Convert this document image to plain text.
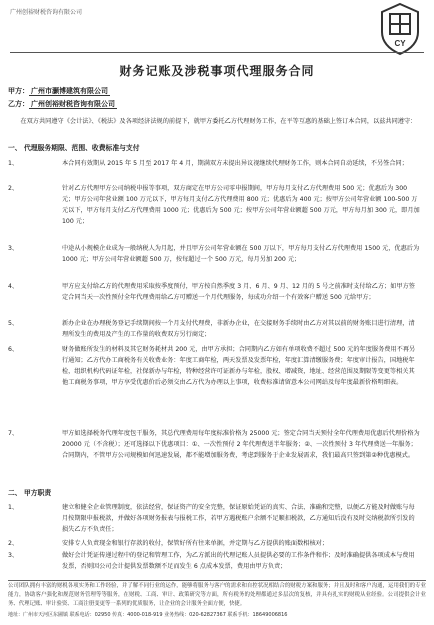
广州创裕财税咨询有限公司
CY
财务记账及涉税事项代理服务合同
甲方： 广州市灏博建筑有限公司
乙方： 广州创裕财税咨询有限公司
在双方共同遵守《会计法》、《税法》及各项经济法规的前提下，就甲方委托乙方代理财务工作，在平等互惠的基础上签订本合同，以兹共同遵守：
一、 代理服务期限、范围、收费标准与支付
1、	本合同有效期从 2015 年 5 月至 2017 年 4 月，期满双方未提出异议视继续代理财务工作，则本合同自动延续，不另签合同；
2、	针对乙方代理甲方公司纳税申报等事项，双方商定在甲方公司零申报期间，甲方每月支付乙方代理费用 500 元；优惠后为 300 元；甲方公司年营业额 100 万元以下，甲方每月支付乙方代理费用 800 元；优惠后为 400 元；按甲方公司年营业额 100-500 万元以下，甲方每月支付乙方代理费用 1000 元；优惠后为 500 元；按甲方公司年营业额超 500 万元，甲方每月加 300 元，即月加 100 元；
3、	中途从小规模企业成为一般纳税人为月起，并且甲方公司年营业额在 500 万以下，甲方每月支付乙方代理费用 1500 元，优惠后为 1000 元；甲方公司年营业额超 500 万，按每超过一个 500 万元，每月另加 200 元；
4、	甲方应支付给乙方的代理费用采取按季度预付，甲方按自然季度 3 月、6 月、9 月、12 月的 5 号之前准时支付给乙方；如甲方签定合同当天一次性预付全年代理费用给乙方可赠送一个月代理服务，每成功介绍一个有效客户赠送 500 元给甲方；
5、	新办企业在办理税务登记手续期间按一个月支付代理费，非新办企业，在交接财务手续时由乙方对其以前的财务账目进行清理，清理所发生的费用及产生的工作量的收费双方另行商定；
6、	财务做账所发生的材料及其它财务耗材共 200 元，由甲方承担；合同期内乙方如有单项收费不超过 500 元的年度服务费用不再另行通知；乙方代办工商税务有关收费业务：年度工商年检，两天发票及发票年检，年度汇算清缴服务费；年度审计报告，国地税年检，组织机构代码证年检，社保新办与年检，特种经营许可证新办与年检，股权、增减资，地址、经营范围及期限等变更等相关其他工商税务事项，甲方享受优惠价后必须交由乙方代为办理以上事项，收费标准请留意本公司网站及每年度最新价格明细表。
7、	甲方如选择税务代理年度包干服务，其总代理费用每年度标准价格为 25000 元；签定合同当天预付全年代理费用优惠后代理价格为 20000 元（不含税）；还可选择以下优惠项目：①、一次性预付 2 年代理费送半年服务；②、一次性预付 3 年代理费送一年服务；合同期内，不管甲方公司规模如何迅速发展，都不能增加服务费，考虑到服务于企业发展需求，我们最高只签到第②种优惠模式。
二、 甲方职责
1、	建立和健全企业管理制度，依法经营，保证资产的安全完整，保证原始凭证的真实、合法、准确和完整，以便乙方能及时做账与每月按期限申报税款，并做好各项财务报表与报税工作，若甲方遇税账户余额不足顺扣税款，乙方通知后没有及时交纳税款所引发的损失乙方不负责任；
2、	安排专人负责现金和银行存款的收付，保管好所有往来单据，并定期与乙方提供的账面数相核对；
3、	做好会计凭证传递过程中的登记和管理工作，为乙方派出的代理记账人员提供必要的工作条件和作；及时准确提供各项成本与费用发票，否则因公司会计提供发票数额不足而发生 6 点成本发票，费用由甲方负责；
公司团队拥有丰富的财税各项实务和工作经验，并了解不同行业的运作，能够将服务与客户的需求和自控状况相结合的财税方案和服务；并且及时和客户沟通，运用我们的专业能力，协助客户强化和规范财务管理等等服务，在财税、工商、审计、政策研究等方面，所有税务的处理都通过多层次的复核，并具有扎实的财税从业经验。公司提供会计业务、代理记账、审计验资、工商注册变更等一系列的优质服务，让企业的会计服务全面方便，快捷。
地址：广州市天河区东圃镇 联系电话：02950 传真：4000-018-919 业务热线：020-62827367 联系手机：18649006816
